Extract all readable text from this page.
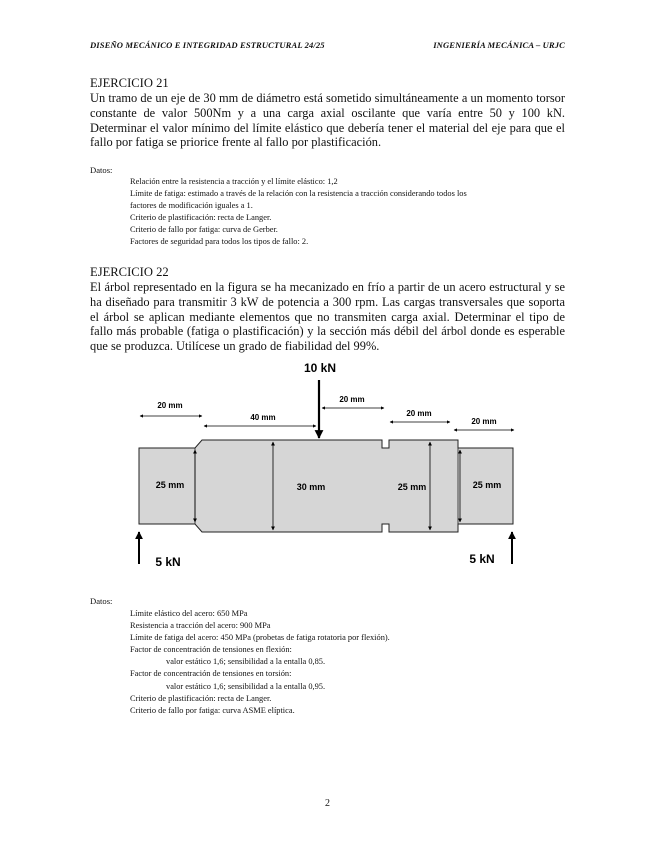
DISEÑO MECÁNICO E INTEGRIDAD ESTRUCTURAL 24/25	INGENIERÍA MECÁNICA – URJC
EJERCICIO 21
Un tramo de un eje de 30 mm de diámetro está sometido simultáneamente a un momento torsor constante de valor 500Nm y a una carga axial oscilante que varía entre 50 y 100 kN. Determinar el valor mínimo del límite elástico que debería tener el material del eje para que el fallo por fatiga se priorice frente al fallo por plastificación.
Datos:
Relación entre la resistencia a tracción y el límite elástico: 1,2
Límite de fatiga: estimado a través de la relación con la resistencia a tracción considerando todos los
factores de modificación iguales a 1.
Criterio de plastificación: recta de Langer.
Criterio de fallo por fatiga: curva de Gerber.
Factores de seguridad para todos los tipos de fallo: 2.
EJERCICIO 22
El árbol representado en la figura se ha mecanizado en frío a partir de un acero estructural y se ha diseñado para transmitir 3 kW de potencia a 300 rpm. Las cargas transversales que soporta el árbol se aplican mediante elementos que no transmiten carga axial. Determinar el tipo de fallo más probable (fatiga o plastificación) y la sección más débil del árbol donde es esperable que se produzca. Utilícese un grado de fiabilidad del 99%.
25 mm	30 mm	25 mm	25 mm
10 kN
20 mm
40 mm
20 mm
20 mm
20 mm
5 kN	5 kN
Datos:
Límite elástico del acero: 650 MPa
Resistencia a tracción del acero: 900 MPa
Límite de fatiga del acero: 450 MPa (probetas de fatiga rotatoria por flexión).
Factor de concentración de tensiones en flexión:
valor estático 1,6; sensibilidad a la entalla 0,85.
Factor de concentración de tensiones en torsión:
valor estático 1,6; sensibilidad a la entalla 0,95.
Criterio de plastificación: recta de Langer.
Criterio de fallo por fatiga: curva ASME elíptica.
2
